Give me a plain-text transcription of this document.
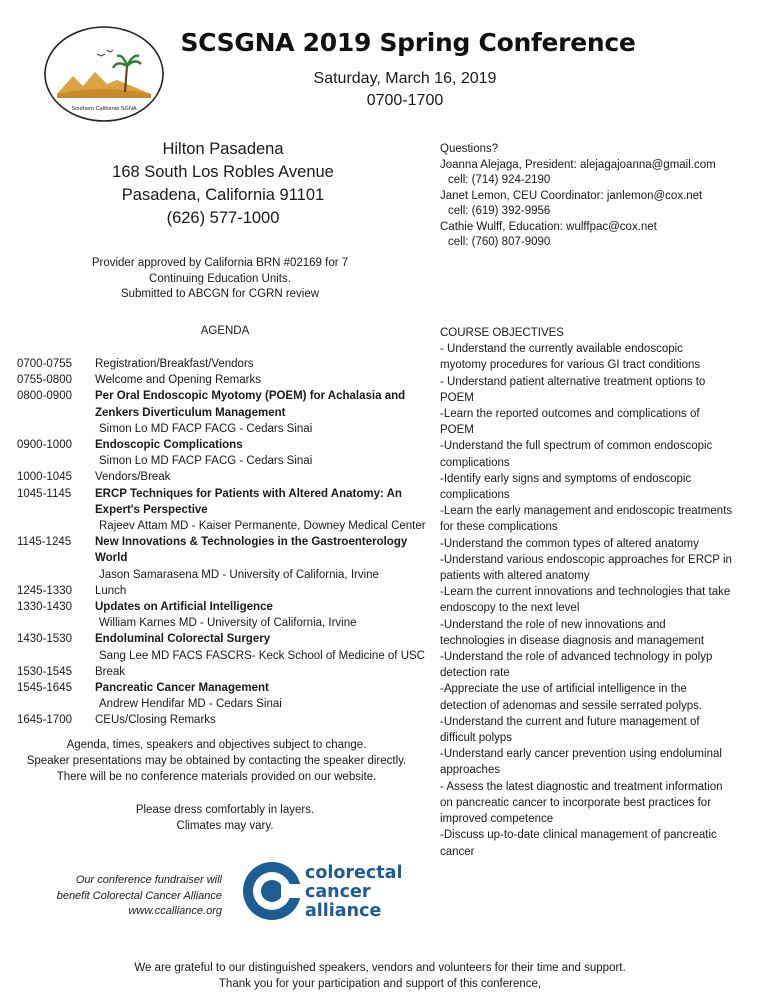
Southern California SGNA
SCSGNA 2019 Spring Conference
Saturday, March 16, 2019
0700-1700
Hilton Pasadena
168 South Los Robles Avenue
Pasadena, California 91101
(626) 577-1000
Provider approved by California BRN #02169 for 7
Continuing Education Units.
Submitted to ABCGN for CGRN review
Questions?
Joanna Alejaga, President: alejagajoanna@gmail.com
cell: (714) 924-2190
Janet Lemon, CEU Coordinator: janlemon@cox.net
cell: (619) 392-9956
Cathie Wulff, Education: wulffpac@cox.net
cell: (760) 807-9090
AGENDA
0700-0755	Registration/Breakfast/Vendors
0755-0800	Welcome and Opening Remarks
0800-0900	Per Oral Endoscopic Myotomy (POEM) for Achalasia and Zenkers Diverticulum Management
Simon Lo MD FACP FACG - Cedars Sinai
0900-1000	Endoscopic Complications
Simon Lo MD FACP FACG - Cedars Sinai
1000-1045	Vendors/Break
1045-1145	ERCP Techniques for Patients with Altered Anatomy: An Expert's Perspective
Rajeev Attam MD - Kaiser Permanente, Downey Medical Center
1145-1245	New Innovations & Technologies in the Gastroenterology World
Jason Samarasena MD - University of California, Irvine
1245-1330	Lunch
1330-1430	Updates on Artificial Intelligence
William Karnes MD - University of California, Irvine
1430-1530	Endoluminal Colorectal Surgery
Sang Lee MD FACS FASCRS- Keck School of Medicine of USC
1530-1545	Break
1545-1645	Pancreatic Cancer Management
Andrew Hendifar MD - Cedars Sinai
1645-1700	CEUs/Closing Remarks
Agenda, times, speakers and objectives subject to change.
Speaker presentations may be obtained by contacting the speaker directly.
There will be no conference materials provided on our website.
Please dress comfortably in layers.
Climates may vary.
COURSE OBJECTIVES
- Understand the currently available endoscopic
myotomy procedures for various GI tract conditions
- Understand patient alternative treatment options to
POEM
-Learn the reported outcomes and complications of
POEM
-Understand the full spectrum of common endoscopic
complications
-Identify early signs and symptoms of endoscopic
complications
-Learn the early management and endoscopic treatments
for these complications
-Understand the common types of altered anatomy
-Understand various endoscopic approaches for ERCP in
patients with altered anatomy
-Learn the current innovations and technologies that take
endoscopy to the next level
-Understand the role of new innovations and
technologies in disease diagnosis and management
-Understand the role of advanced technology in polyp
detection rate
-Appreciate the use of artificial intelligence in the
detection of adenomas and sessile serrated polyps.
-Understand the current and future management of
difficult polyps
-Understand early cancer prevention using endoluminal
approaches
- Assess the latest diagnostic and treatment information
on pancreatic cancer to incorporate best practices for
improved competence
-Discuss up-to-date clinical management of pancreatic
cancer
Our conference fundraiser will
benefit Colorectal Cancer Alliance
www.ccalliance.org
colorectal
cancer
alliance
We are grateful to our distinguished speakers, vendors and volunteers for their time and support.
Thank you for your participation and support of this conference,
